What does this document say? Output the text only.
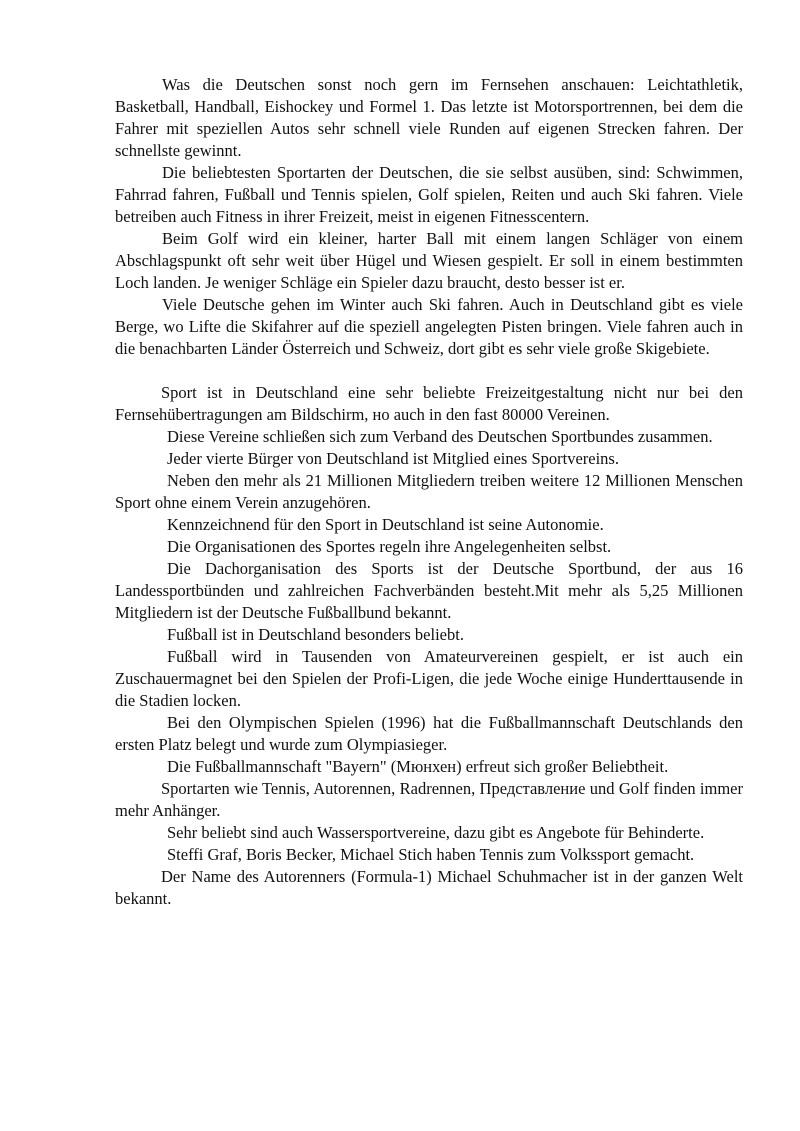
Was die Deutschen sonst noch gern im Fernsehen anschauen: Leichtathletik, Basketball, Handball, Eishockey und Formel 1. Das letzte ist Motorsportrennen, bei dem die Fahrer mit speziellen Autos sehr schnell viele Runden auf eigenen Strecken fahren. Der schnellste gewinnt.

Die beliebtesten Sportarten der Deutschen, die sie selbst ausüben, sind: Schwimmen, Fahrrad fahren, Fußball und Tennis spielen, Golf spielen, Reiten und auch Ski fahren. Viele betreiben auch Fitness in ihrer Freizeit, meist in eigenen Fitnesscentern.

Beim Golf wird ein kleiner, harter Ball mit einem langen Schläger von einem Abschlagspunkt oft sehr weit über Hügel und Wiesen gespielt. Er soll in einem bestimmten Loch landen. Je weniger Schläge ein Spieler dazu braucht, desto besser ist er.

Viele Deutsche gehen im Winter auch Ski fahren. Auch in Deutschland gibt es viele Berge, wo Lifte die Skifahrer auf die speziell angelegten Pisten bringen. Viele fahren auch in die benachbarten Länder Österreich und Schweiz, dort gibt es sehr viele große Skigebiete.

Sport ist in Deutschland eine sehr beliebte Freizeitgestaltung nicht nur bei den Fernsehübertragungen am Bildschirm, но auch in den fast 80000 Vereinen.

Diese Vereine schließen sich zum Verband des Deutschen Sportbundes zusammen.

Jeder vierte Bürger von Deutschland ist Mitglied eines Sportvereins.

Neben den mehr als 21 Millionen Mitgliedern treiben weitere 12 Millionen Menschen Sport ohne einem Verein anzugehören.

Kennzeichnend für den Sport in Deutschland ist seine Autonomie.

Die Organisationen des Sportes regeln ihre Angelegenheiten selbst.

Die Dachorganisation des Sports ist der Deutsche Sportbund, der aus 16 Landessportbünden und zahlreichen Fachverbänden besteht.Mit mehr als 5,25 Millionen Mitgliedern ist der Deutsche Fußballbund bekannt.

Fußball ist in Deutschland besonders beliebt.

Fußball wird in Tausenden von Amateurvereinen gespielt, er ist auch ein Zuschauermagnet bei den Spielen der Profi-Ligen, die jede Woche einige Hunderttausende in die Stadien locken.

Bei den Olympischen Spielen (1996) hat die Fußballmannschaft Deutschlands den ersten Platz belegt und wurde zum Olympiasieger.

Die Fußballmannschaft "Bayern" (Мюнхен) erfreut sich großer Beliebtheit.

Sportarten wie Tennis, Autorennen, Radrennen, Представление und Golf finden immer mehr Anhänger.

Sehr beliebt sind auch Wassersportvereine, dazu gibt es Angebote für Behinderte.

Steffi Graf, Boris Becker, Michael Stich haben Tennis zum Volkssport gemacht.

Der Name des Autorenners (Formula-1) Michael Schuhmacher ist in der ganzen Welt bekannt.
